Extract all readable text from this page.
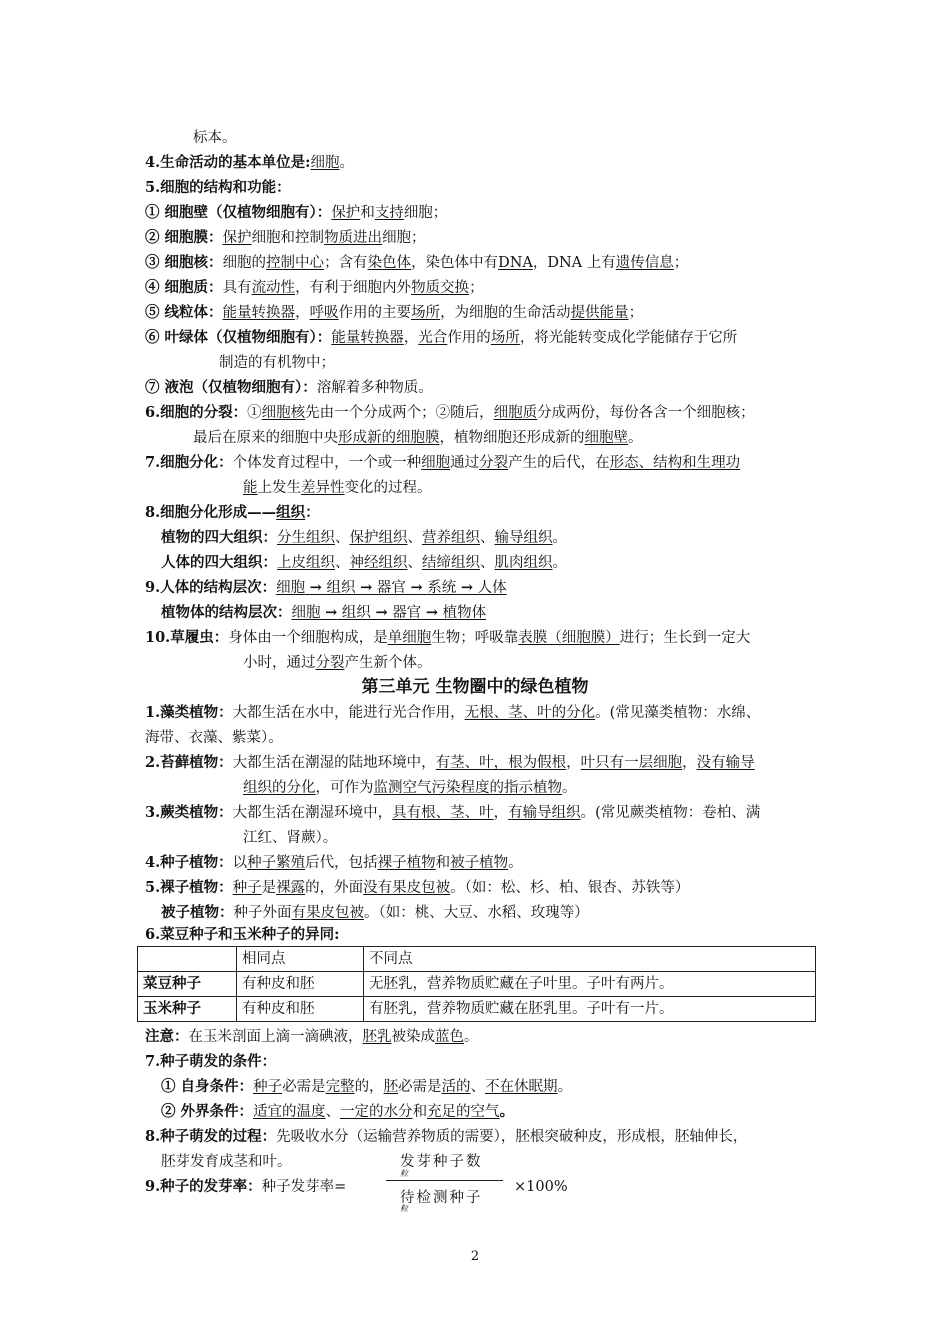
标本。
4.生命活动的基本单位是:细胞。
5.细胞的结构和功能：
① 细胞壁（仅植物细胞有）：保护和支持细胞；
② 细胞膜：保护细胞和控制物质进出细胞；
③ 细胞核：细胞的控制中心；含有染色体，染色体中有DNA，DNA 上有遗传信息；
④ 细胞质：具有流动性，有利于细胞内外物质交换；
⑤ 线粒体：能量转换器，呼吸作用的主要场所，为细胞的生命活动提供能量；
⑥ 叶绿体（仅植物细胞有）：能量转换器，光合作用的场所，将光能转变成化学能储存于它所
制造的有机物中；
⑦ 液泡（仅植物细胞有）：溶解着多种物质。
6.细胞的分裂：①细胞核先由一个分成两个；②随后，细胞质分成两份，每份各含一个细胞核；
最后在原来的细胞中央形成新的细胞膜，植物细胞还形成新的细胞壁。
7.细胞分化：个体发育过程中，一个或一种细胞通过分裂产生的后代，在形态、结构和生理功
能上发生差异性变化的过程。
8.细胞分化形成——组织：
植物的四大组织：分生组织、保护组织、营养组织、输导组织。
人体的四大组织：上皮组织、神经组织、结缔组织、肌肉组织。
9.人体的结构层次：细胞 → 组织 → 器官 → 系统 → 人体
植物体的结构层次：细胞 → 组织 → 器官 → 植物体
10.草履虫：身体由一个细胞构成，是单细胞生物；呼吸靠表膜（细胞膜）进行；生长到一定大
小时，通过分裂产生新个体。
第三单元 生物圈中的绿色植物
1.藻类植物：大都生活在水中，能进行光合作用，无根、茎、叶的分化。(常见藻类植物：水绵、
海带、衣藻、紫菜）。
2.苔藓植物：大都生活在潮湿的陆地环境中，有茎、叶，根为假根，叶只有一层细胞，没有输导
组织的分化，可作为监测空气污染程度的指示植物。
3.蕨类植物：大都生活在潮湿环境中，具有根、茎、叶，有输导组织。(常见蕨类植物：卷柏、满
江红、肾蕨）。
4.种子植物：以种子繁殖后代，包括裸子植物和被子植物。
5.裸子植物：种子是裸露的，外面没有果皮包被。（如：松、杉、柏、银杏、苏铁等）
被子植物：种子外面有果皮包被。（如：桃、大豆、水稻、玫瑰等）
6.菜豆种子和玉米种子的异同:
	相同点	不同点
菜豆种子	有种皮和胚	无胚乳，营养物质贮藏在子叶里。子叶有两片。
玉米种子	有种皮和胚	有胚乳，营养物质贮藏在胚乳里。子叶有一片。
注意：在玉米剖面上滴一滴碘液，胚乳被染成蓝色。
7.种子萌发的条件：
① 自身条件：种子必需是完整的，胚必需是活的、不在休眠期。
② 外界条件：适宜的温度、一定的水分和充足的空气。
8.种子萌发的过程：先吸收水分（运输营养物质的需要），胚根突破种皮，形成根，胚轴伸长，
胚芽发育成茎和叶。
9.种子的发芽率：种子发芽率=
发芽种子数
粒
待检测种子
粒
×100%
2
